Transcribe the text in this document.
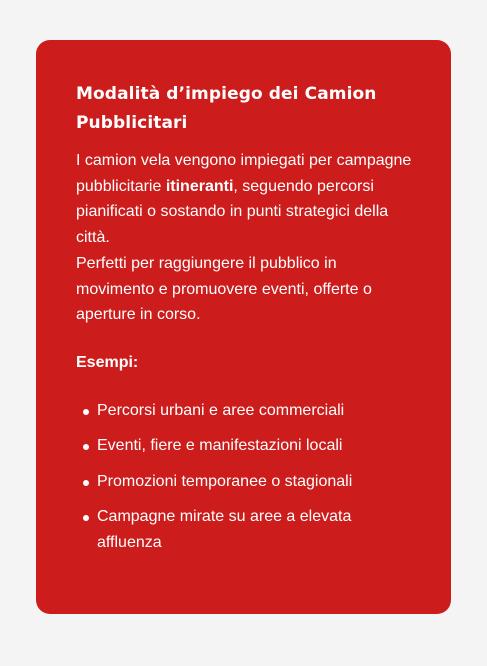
Modalità d’impiego dei Camion Pubblicitari

I camion vela vengono impiegati per campagne pubblicitarie itineranti, seguendo percorsi pianificati o sostando in punti strategici della città.
Perfetti per raggiungere il pubblico in movimento e promuovere eventi, offerte o aperture in corso.

Esempi:

Percorsi urbani e aree commerciali
Eventi, fiere e manifestazioni locali
Promozioni temporanee o stagionali
Campagne mirate su aree a elevata affluenza
